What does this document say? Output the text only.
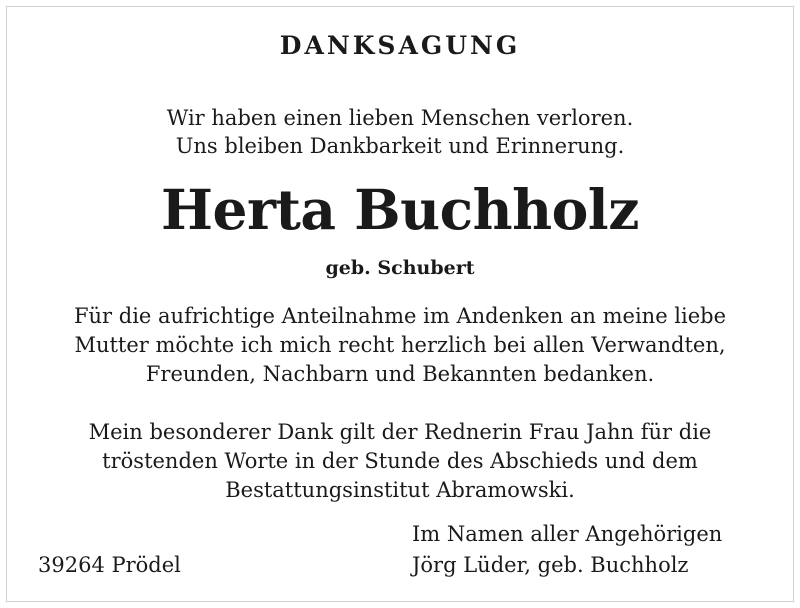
DANKSAGUNG
Wir haben einen lieben Menschen verloren.
Uns bleiben Dankbarkeit und Erinnerung.
Herta Buchholz
geb. Schubert
Für die aufrichtige Anteilnahme im Andenken an meine liebe
Mutter möchte ich mich recht herzlich bei allen Verwandten,
Freunden, Nachbarn und Bekannten bedanken.
Mein besonderer Dank gilt der Rednerin Frau Jahn für die
tröstenden Worte in der Stunde des Abschieds und dem
Bestattungsinstitut Abramowski.
39264 Prödel
Im Namen aller Angehörigen
Jörg Lüder, geb. Buchholz
